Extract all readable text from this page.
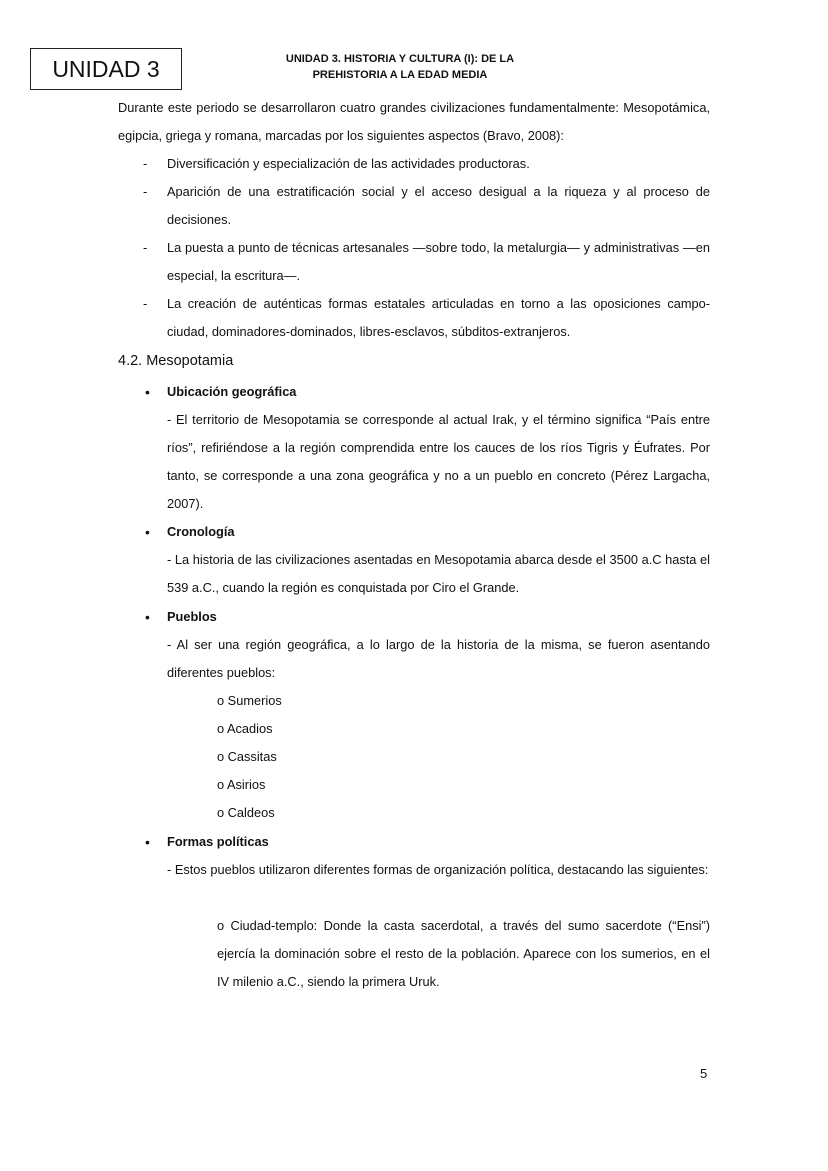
UNIDAD 3	UNIDAD 3. HISTORIA Y CULTURA (I): DE LA
PREHISTORIA A LA EDAD MEDIA
Durante este periodo se desarrollaron cuatro grandes civilizaciones fundamentalmente: Mesopotámica, egipcia, griega y romana, marcadas por los siguientes aspectos (Bravo, 2008):
- Diversificación y especialización de las actividades productoras.
- Aparición de una estratificación social y el acceso desigual a la riqueza y al proceso de decisiones.
- La puesta a punto de técnicas artesanales —sobre todo, la metalurgia— y administrativas —en especial, la escritura—.
- La creación de auténticas formas estatales articuladas en torno a las oposiciones campo-ciudad, dominadores-dominados, libres-esclavos, súbditos-extranjeros.
4.2. Mesopotamia
• Ubicación geográfica
- El territorio de Mesopotamia se corresponde al actual Irak, y el término significa “País entre ríos”, refiriéndose a la región comprendida entre los cauces de los ríos Tigris y Éufrates. Por tanto, se corresponde a una zona geográfica y no a un pueblo en concreto (Pérez Largacha, 2007).
• Cronología
- La historia de las civilizaciones asentadas en Mesopotamia abarca desde el 3500 a.C hasta el 539 a.C., cuando la región es conquistada por Ciro el Grande.
• Pueblos
- Al ser una región geográfica, a lo largo de la historia de la misma, se fueron asentando diferentes pueblos:
o Sumerios
o Acadios
o Cassitas
o Asirios
o Caldeos
• Formas políticas
- Estos pueblos utilizaron diferentes formas de organización política, destacando las siguientes:
o Ciudad-templo: Donde la casta sacerdotal, a través del sumo sacerdote (“Ensi”) ejercía la dominación sobre el resto de la población. Aparece con los sumerios, en el IV milenio a.C., siendo la primera Uruk.
5
